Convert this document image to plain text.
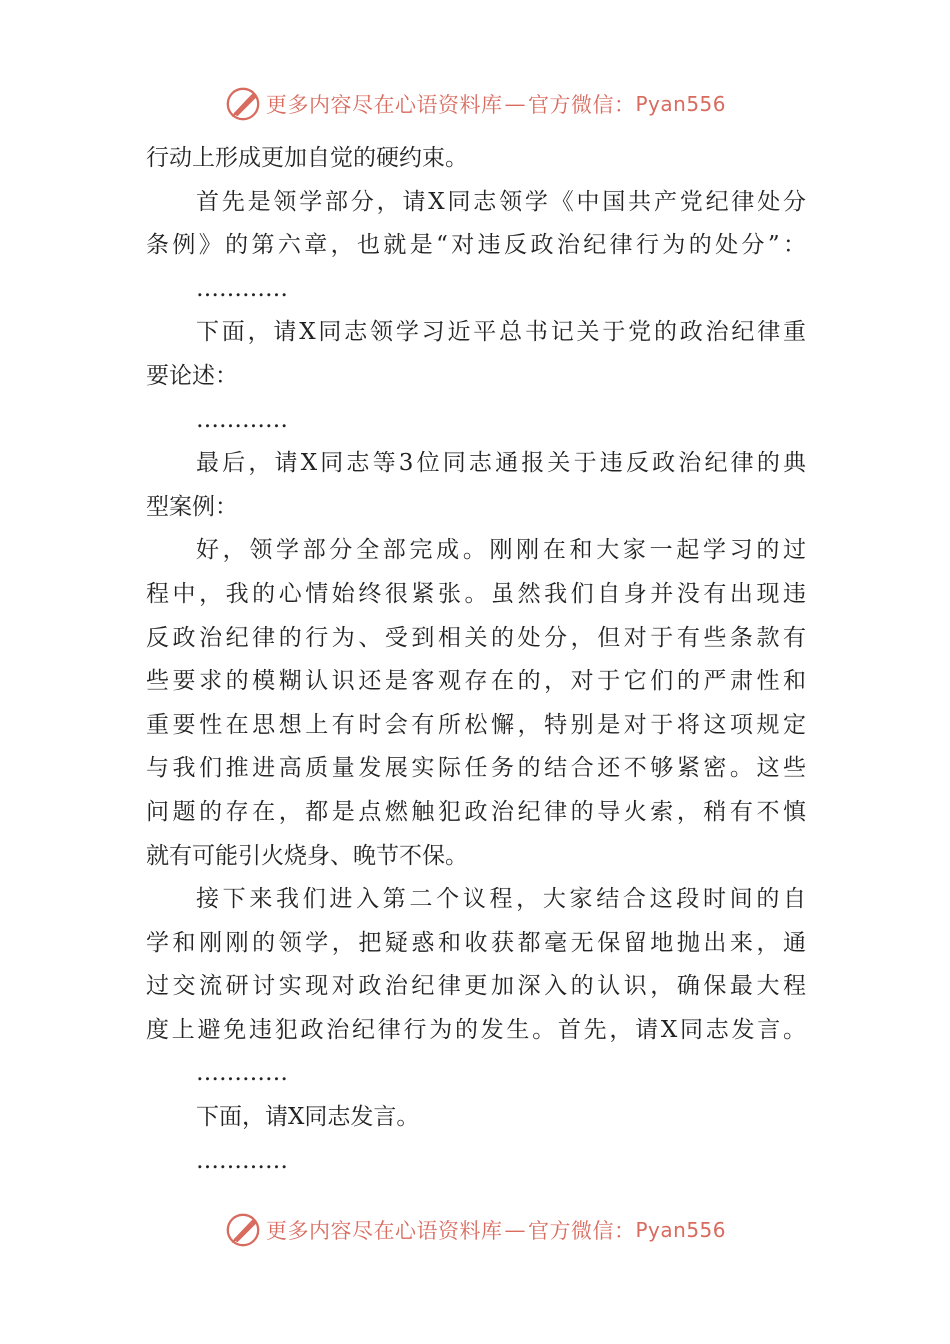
更多内容尽在心语资料库 — 官方微信： Pyan556
行动上形成更加自觉的硬约束。
首先是领学部分，请X同志领学《中国共产党纪律处分
条例》的第六章，也就是“对违反政治纪律行为的处分”：
…………
下面，请X同志领学习近平总书记关于党的政治纪律重
要论述：
…………
最后，请X同志等3位同志通报关于违反政治纪律的典
型案例：
好，领学部分全部完成。刚刚在和大家一起学习的过
程中，我的心情始终很紧张。虽然我们自身并没有出现违
反政治纪律的行为、受到相关的处分，但对于有些条款有
些要求的模糊认识还是客观存在的，对于它们的严肃性和
重要性在思想上有时会有所松懈，特别是对于将这项规定
与我们推进高质量发展实际任务的结合还不够紧密。这些
问题的存在，都是点燃触犯政治纪律的导火索，稍有不慎
就有可能引火烧身、晚节不保。
接下来我们进入第二个议程，大家结合这段时间的自
学和刚刚的领学，把疑惑和收获都毫无保留地抛出来，通
过交流研讨实现对政治纪律更加深入的认识，确保最大程
度上避免违犯政治纪律行为的发生。首先，请X同志发言。
…………
下面，请X同志发言。
…………
更多内容尽在心语资料库 — 官方微信： Pyan556
